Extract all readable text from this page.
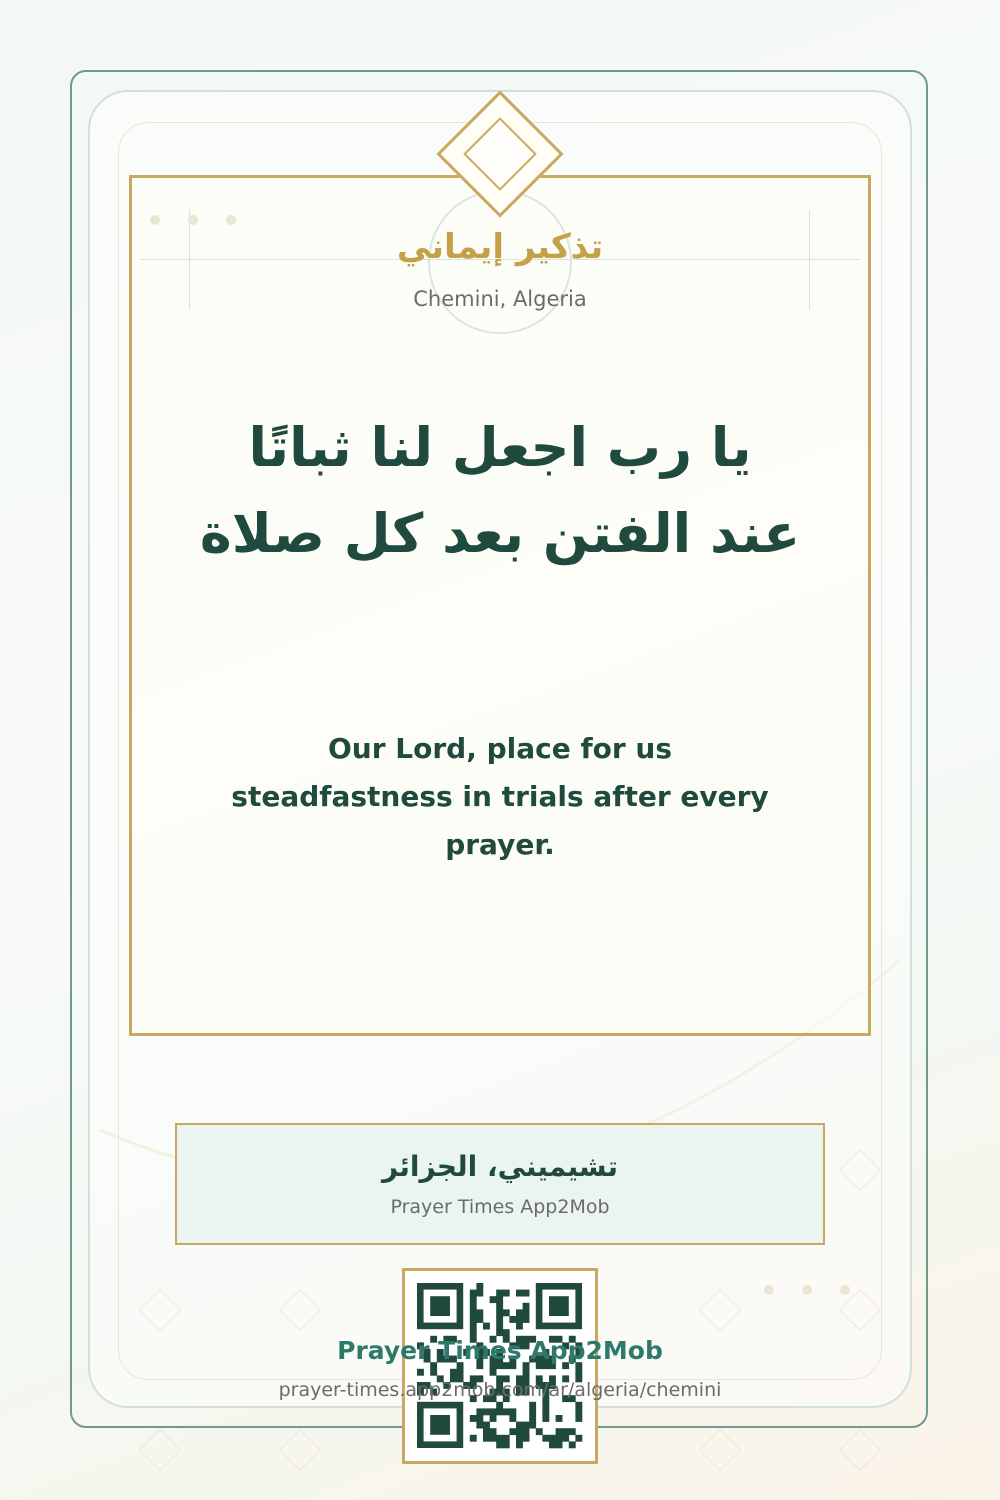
تذكير إيماني
Chemini, Algeria
يا رب اجعل لنا ثباتًا
عند الفتن بعد كل صلاة
Our Lord, place for us steadfastness in trials after every prayer.
تشيميني، الجزائر
Prayer Times App2Mob
Prayer Times App2Mob
prayer-times.app2mob.com/ar/algeria/chemini
